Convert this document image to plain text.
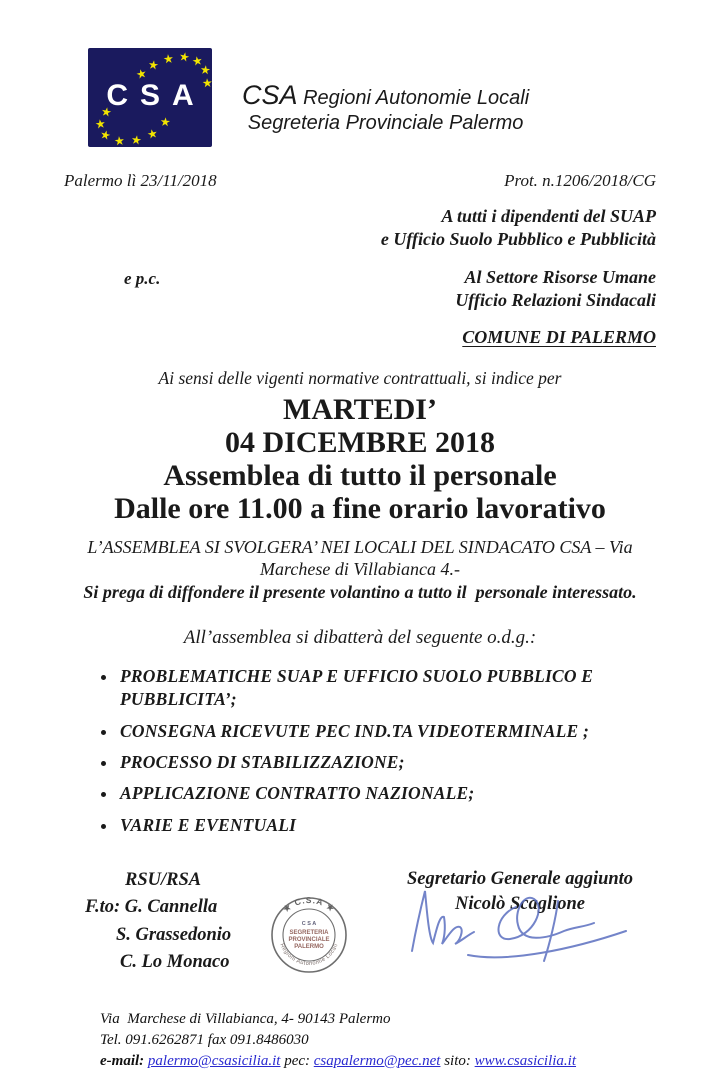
CSA
★
★ ★ ★ ★
★
★
★
★
★ ★ ★ ★
★
CSA Regioni Autonomie Locali
Segreteria Provinciale Palermo
Palermo lì 23/11/2018	Prot. n.1206/2018/CG
A tutti i dipendenti del SUAP
e Ufficio Suolo Pubblico e Pubblicità
e p.c.	Al Settore Risorse Umane
Ufficio Relazioni Sindacali
COMUNE DI PALERMO
Ai sensi delle vigenti normative contrattuali, si indice per
MARTEDI’
04 DICEMBRE 2018
Assemblea di tutto il personale
Dalle ore 11.00 a fine orario lavorativo
L’ASSEMBLEA SI SVOLGERA’ NEI LOCALI DEL SINDACATO CSA – Via
Marchese di Villabianca 4.-
Si prega di diffondere il presente volantino a tutto il  personale interessato.
All’assemblea si dibatterà del seguente o.d.g.:
• PROBLEMATICHE SUAP E UFFICIO SUOLO PUBBLICO E PUBBLICITA’;
• CONSEGNA RICEVUTE PEC IND.TA VIDEOTERMINALE ;
• PROCESSO DI STABILIZZAZIONE;
• APPLICAZIONE CONTRATTO NAZIONALE;
• VARIE E EVENTUALI
RSU/RSA
F.to: G. Cannella
S. Grassedonio
C. Lo Monaco
★ C.S.A ★
Regioni Autonomie Locali
C S A
SEGRETERIA
PROVINCIALE
PALERMO
Segretario Generale aggiunto
Nicolò Scaglione
Via  Marchese di Villabianca, 4- 90143 Palermo
Tel. 091.6262871 fax 091.8486030
e-mail: palermo@csasicilia.it pec: csapalermo@pec.net sito: www.csasicilia.it
